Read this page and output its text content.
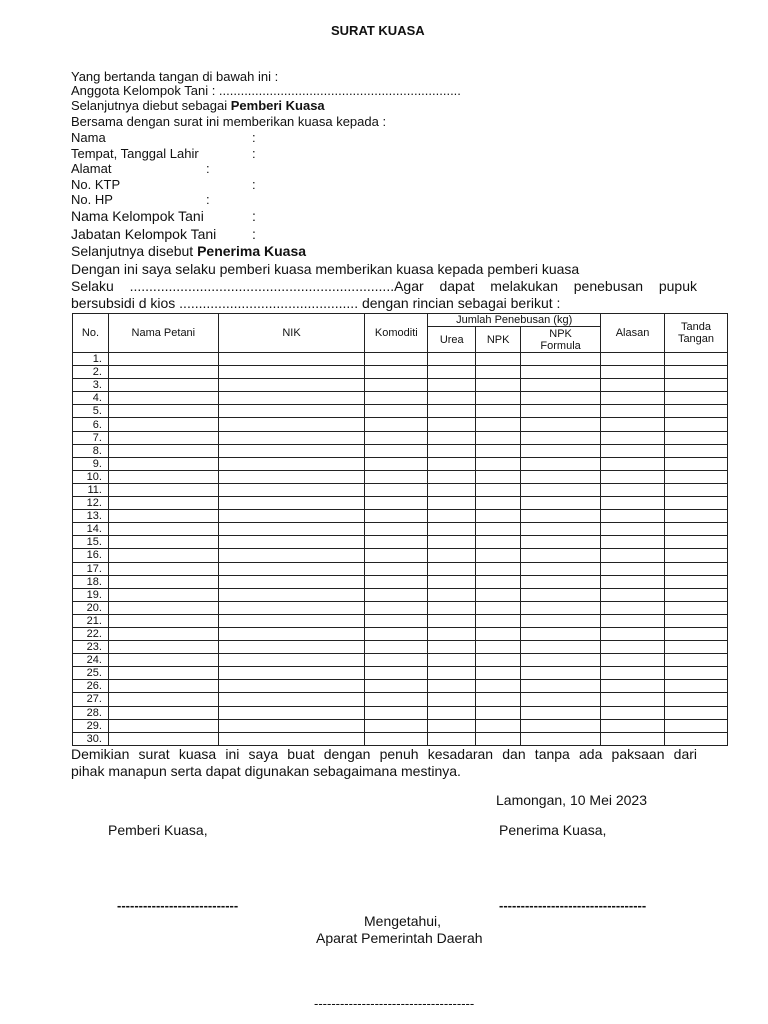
SURAT KUASA
Yang bertanda tangan di bawah ini :
Anggota Kelompok Tani : ...................................................................
Selanjutnya diebut sebagai Pemberi Kuasa
Bersama dengan surat ini memberikan kuasa kepada :
Nama	:
Tempat, Tanggal Lahir	:
Alamat	:
No. KTP	:
No. HP	:
Nama Kelompok Tani	:
Jabatan Kelompok Tani	:
Selanjutnya disebut Penerima Kuasa
Dengan ini saya selaku pemberi kuasa memberikan kuasa kepada pemberi kuasa
Selaku ....................................................................Agar dapat melakukan penebusan pupuk
bersubsidi d kios .............................................. dengan rincian sebagai berikut :
No.	Nama Petani	NIK	Komoditi	Jumlah Penebusan (kg)			Alasan	Tanda Tangan
				Urea	NPK	NPK Formula		
1.								
2.								
3.								
4.								
5.								
6.								
7.								
8.								
9.								
10.								
11.								
12.								
13.								
14.								
15.								
16.								
17.								
18.								
19.								
20.								
21.								
22.								
23.								
24.								
25.								
26.								
27.								
28.								
29.								
30.								
Demikian surat kuasa ini saya buat dengan penuh kesadaran dan tanpa ada paksaan dari
pihak manapun serta dapat digunakan sebagaimana mestinya.
Lamongan, 10 Mei 2023
Pemberi Kuasa,	Penerima Kuasa,
----------------------------	----------------------------------
Mengetahui,
Aparat Pemerintah Daerah
-------------------------------------
